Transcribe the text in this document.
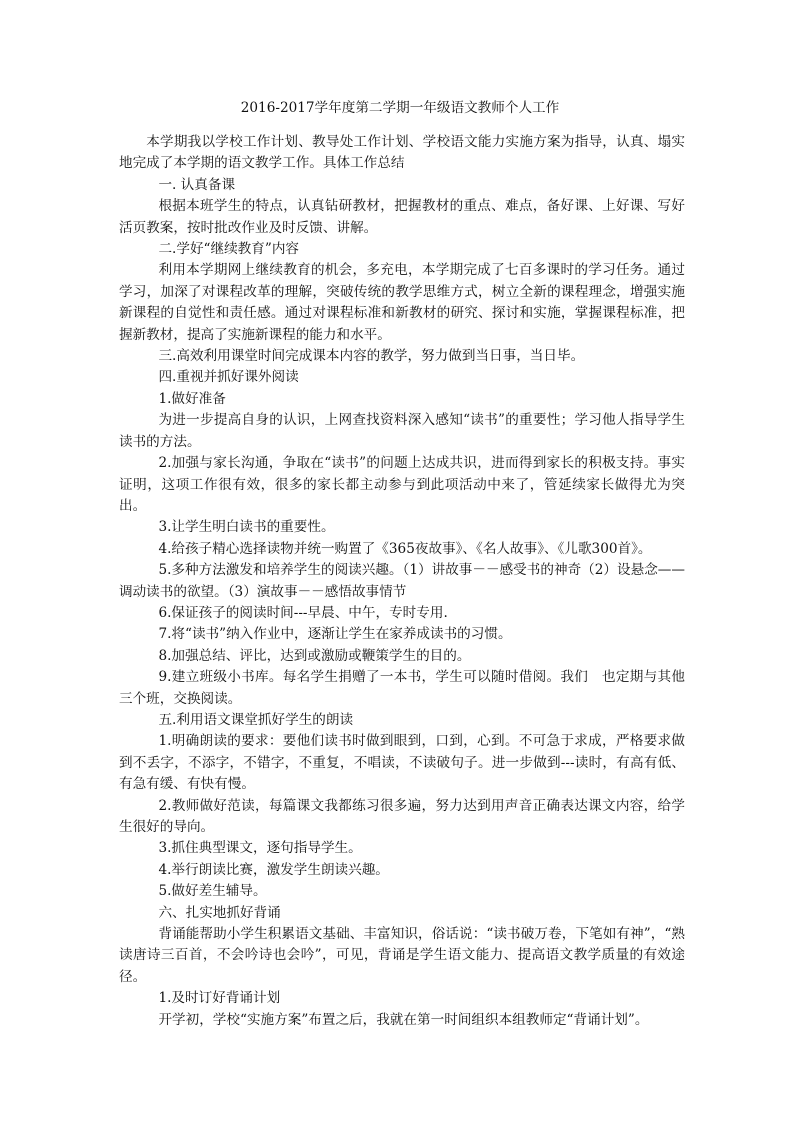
2016-2017学年度第二学期一年级语文教师个人工作

本学期我以学校工作计划、教导处工作计划、学校语文能力实施方案为指导，认真、塌实地完成了本学期的语文教学工作。具体工作总结

一. 认真备课

根据本班学生的特点，认真钻研教材，把握教材的重点、难点，备好课、上好课、写好活页教案，按时批改作业及时反馈、讲解。

二.学好“继续教育”内容

利用本学期网上继续教育的机会，多充电，本学期完成了七百多课时的学习任务。通过学习，加深了对课程改革的理解，突破传统的教学思维方式，树立全新的课程理念，增强实施新课程的自觉性和责任感。通过对课程标准和新教材的研究、探讨和实施，掌握课程标准，把握新教材，提高了实施新课程的能力和水平。

三.高效利用课堂时间完成课本内容的教学，努力做到当日事，当日毕。

四.重视并抓好课外阅读

1.做好准备

为进一步提高自身的认识，上网查找资料深入感知“读书”的重要性；学习他人指导学生读书的方法。

2.加强与家长沟通，争取在“读书”的问题上达成共识，进而得到家长的积极支持。事实证明，这项工作很有效，很多的家长都主动参与到此项活动中来了，管延续家长做得尤为突出。

3.让学生明白读书的重要性。

4.给孩子精心选择读物并统一购置了《365夜故事》、《名人故事》、《儿歌300首》。

5.多种方法激发和培养学生的阅读兴趣。（1）讲故事－－感受书的神奇（2）设悬念——调动读书的欲望。（3）演故事－－感悟故事情节

6.保证孩子的阅读时间---早晨、中午，专时专用.

7.将“读书”纳入作业中，逐渐让学生在家养成读书的习惯。

8.加强总结、评比，达到或激励或鞭策学生的目的。

9.建立班级小书库。每名学生捐赠了一本书，学生可以随时借阅。我们　也定期与其他三个班，交换阅读。

五.利用语文课堂抓好学生的朗读

1.明确朗读的要求：要他们读书时做到眼到，口到，心到。不可急于求成，严格要求做到不丢字，不添字，不错字，不重复，不唱读，不读破句子。进一步做到---读时，有高有低、有急有缓、有快有慢。

2.教师做好范读，每篇课文我都练习很多遍，努力达到用声音正确表达课文内容，给学生很好的导向。

3.抓住典型课文，逐句指导学生。

4.举行朗读比赛，激发学生朗读兴趣。

5.做好差生辅导。

六、扎实地抓好背诵

背诵能帮助小学生积累语文基础、丰富知识，俗话说：“读书破万卷，下笔如有神”，“熟读唐诗三百首，不会吟诗也会吟”，可见，背诵是学生语文能力、提高语文教学质量的有效途径。

1.及时订好背诵计划

开学初，学校“实施方案”布置之后，我就在第一时间组织本组教师定“背诵计划”。
